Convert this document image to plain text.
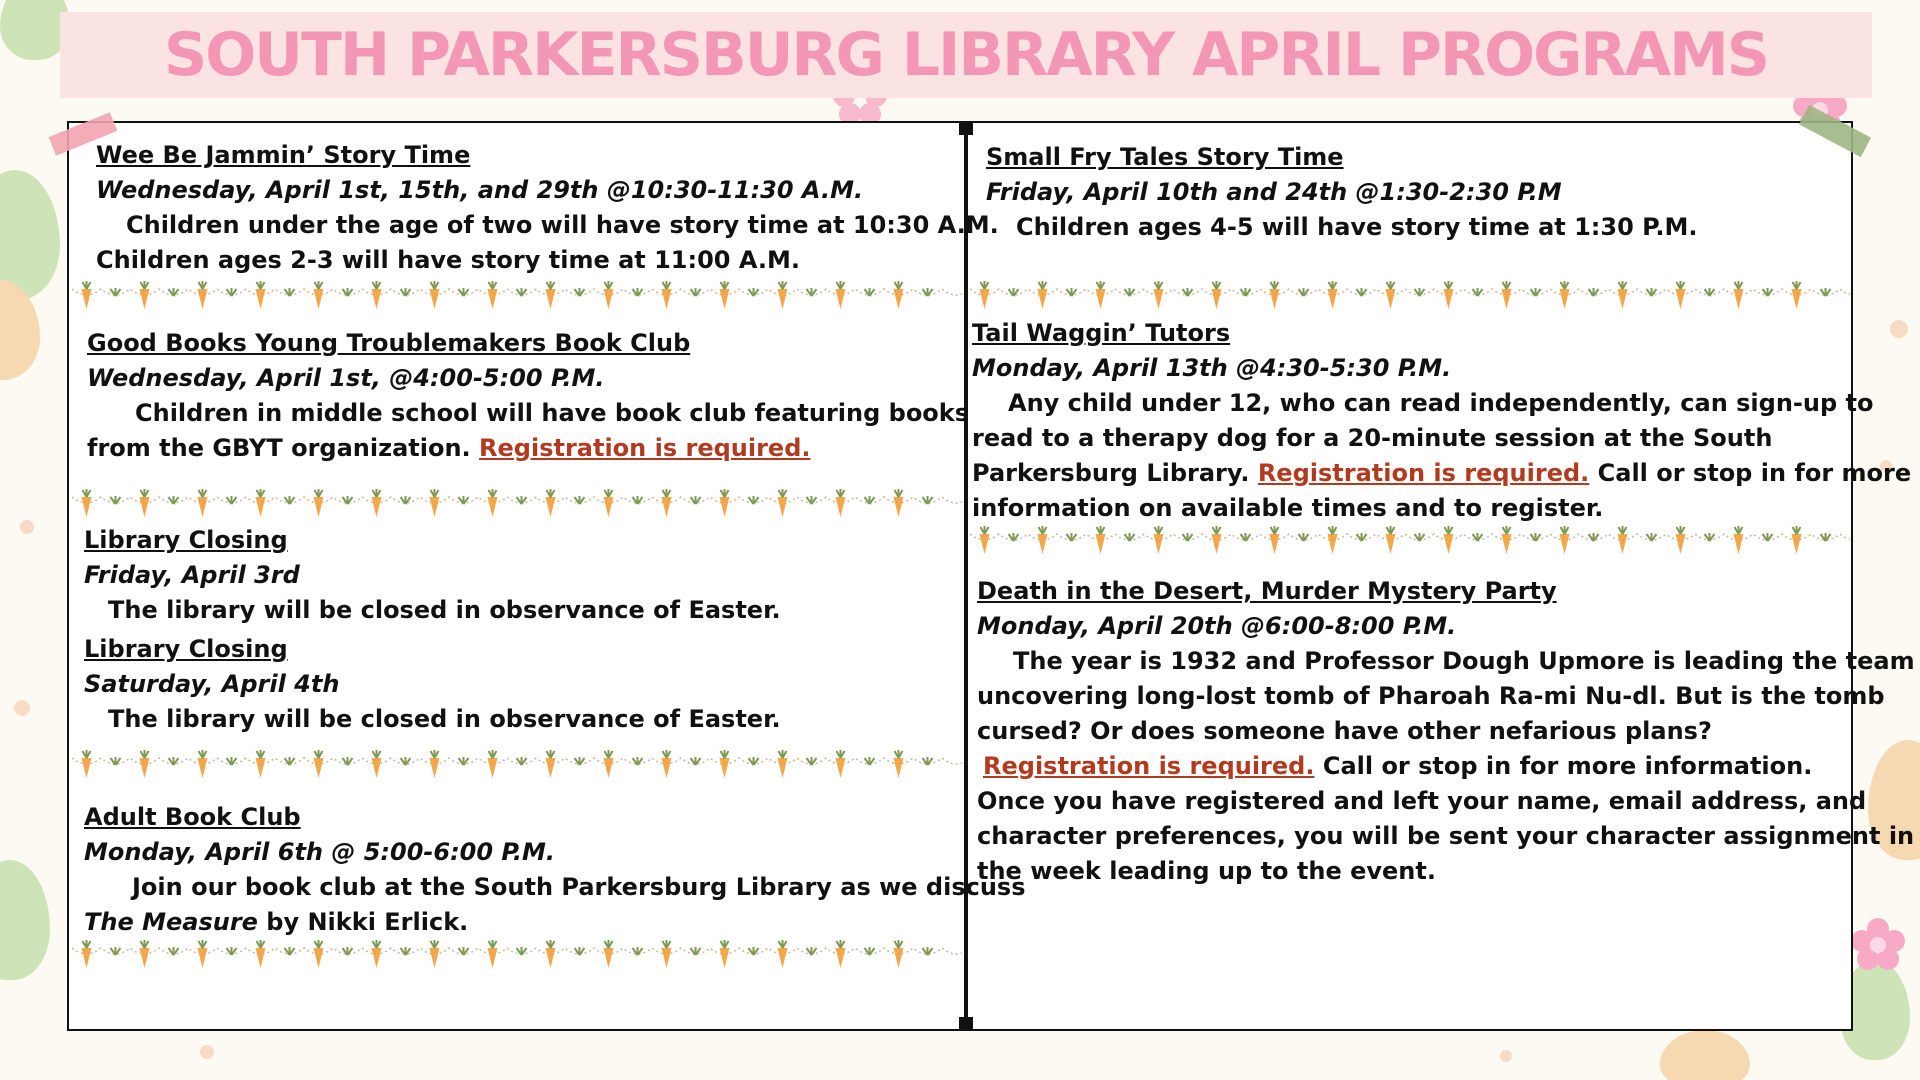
SOUTH PARKERSBURG LIBRARY APRIL PROGRAMS
Wee Be Jammin’ Story Time
Wednesday, April 1st, 15th, and 29th @10:30-11:30 A.M.
Children under the age of two will have story time at 10:30 A.M.
Children ages 2-3 will have story time at 11:00 A.M.
Good Books Young Troublemakers Book Club
Wednesday, April 1st, @4:00-5:00 P.M.
Children in middle school will have book club featuring books
from the GBYT organization. Registration is required.
Library Closing
Friday, April 3rd
The library will be closed in observance of Easter.
Library Closing
Saturday, April 4th
The library will be closed in observance of Easter.
Adult Book Club
Monday, April 6th @ 5:00-6:00 P.M.
Join our book club at the South Parkersburg Library as we discuss
The Measure by Nikki Erlick.
Small Fry Tales Story Time
Friday, April 10th and 24th @1:30-2:30 P.M
Children ages 4-5 will have story time at 1:30 P.M.
Tail Waggin’ Tutors
Monday, April 13th @4:30-5:30 P.M.
Any child under 12, who can read independently, can sign-up to
read to a therapy dog for a 20-minute session at the South
Parkersburg Library. Registration is required. Call or stop in for more
information on available times and to register.
Death in the Desert, Murder Mystery Party
Monday, April 20th @6:00-8:00 P.M.
The year is 1932 and Professor Dough Upmore is leading the team
uncovering long-lost tomb of Pharoah Ra-mi Nu-dl. But is the tomb
cursed? Or does someone have other nefarious plans?
Registration is required. Call or stop in for more information.
Once you have registered and left your name, email address, and
character preferences, you will be sent your character assignment in
the week leading up to the event.
